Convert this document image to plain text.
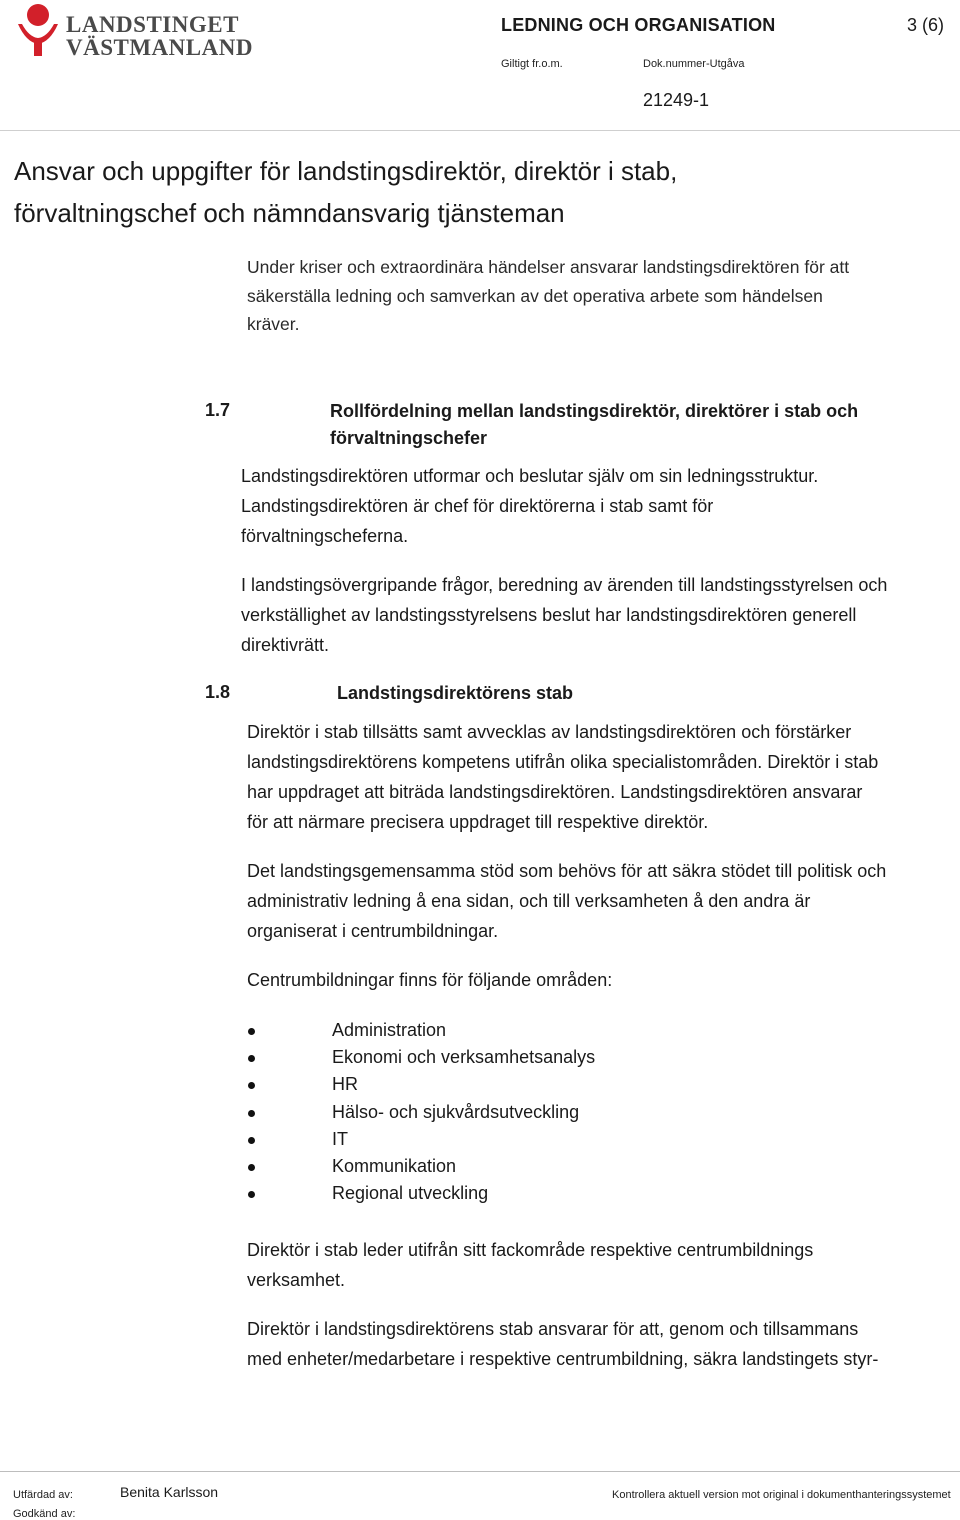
LANDSTINGET
VÄSTMANLAND
LEDNING OCH ORGANISATION	3 (6)
Giltigt fr.o.m.	Dok.nummer-Utgåva
21249-1
Ansvar och uppgifter för landstingsdirektör, direktör i stab,
förvaltningschef och nämndansvarig tjänsteman

Under kriser och extraordinära händelser ansvarar landstingsdirektören för att
säkerställa ledning och samverkan av det operativa arbete som händelsen
kräver.

1.7	Rollfördelning mellan landstingsdirektör, direktörer i stab och
förvaltningschefer

Landstingsdirektören utformar och beslutar själv om sin ledningsstruktur.
Landstingsdirektören är chef för direktörerna i stab samt för
förvaltningscheferna.

I landstingsövergripande frågor, beredning av ärenden till landstingsstyrelsen och
verkställighet av landstingsstyrelsens beslut har landstingsdirektören generell
direktivrätt.

1.8	Landstingsdirektörens stab

Direktör i stab tillsätts samt avvecklas av landstingsdirektören och förstärker
landstingsdirektörens kompetens utifrån olika specialistområden. Direktör i stab
har uppdraget att biträda landstingsdirektören. Landstingsdirektören ansvarar
för att närmare precisera uppdraget till respektive direktör.

Det landstingsgemensamma stöd som behövs för att säkra stödet till politisk och
administrativ ledning å ena sidan, och till verksamheten å den andra är
organiserat i centrumbildningar.

Centrumbildningar finns för följande områden:

Administration
Ekonomi och verksamhetsanalys
HR
Hälso- och sjukvårdsutveckling
IT
Kommunikation
Regional utveckling

Direktör i stab leder utifrån sitt fackområde respektive centrumbildnings
verksamhet.

Direktör i landstingsdirektörens stab ansvarar för att, genom och tillsammans
med enheter/medarbetare i respektive centrumbildning, säkra landstingets styr-

Utfärdad av:	Benita Karlsson
Godkänd av:
Kontrollera aktuell version mot original i dokumenthanteringssystemet
